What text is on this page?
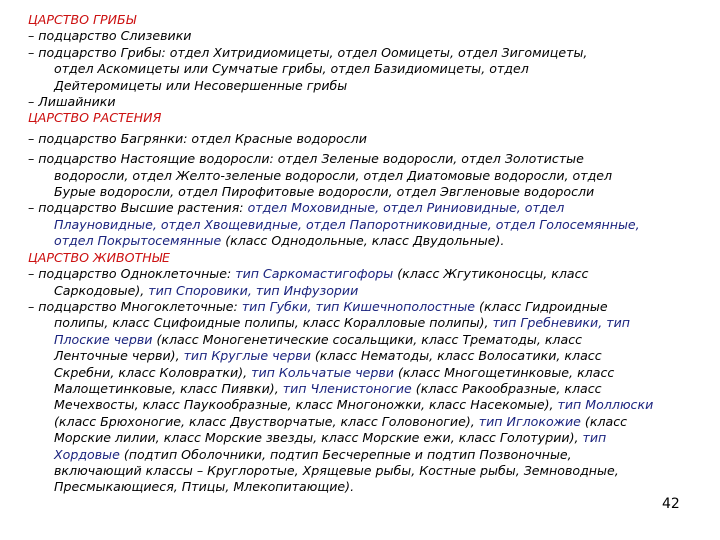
ЦАРСТВО ГРИБЫ
– подцарство Слизевики
– подцарство Грибы: отдел Хитридиомицеты, отдел Оомицеты, отдел Зигомицеты,
отдел Аскомицеты или Сумчатые грибы, отдел Базидиомицеты, отдел
Дейтеромицеты или Несовершенные грибы
– Лишайники
ЦАРСТВО РАСТЕНИЯ
– подцарство Багрянки: отдел Красные водоросли
– подцарство Настоящие водоросли: отдел Зеленые водоросли, отдел Золотистые
водоросли, отдел Желто-зеленые водоросли, отдел Диатомовые водоросли, отдел
Бурые водоросли, отдел Пирофитовые водоросли, отдел Эвгленовые водоросли
– подцарство Высшие растения: отдел Моховидные, отдел Риниовидные, отдел
Плауновидные, отдел Хвощевидные, отдел Папоротниковидные, отдел Голосемянные,
отдел Покрытосемянные (класс Однодольные, класс Двудольные).
ЦАРСТВО ЖИВОТНЫЕ
– подцарство Одноклеточные: тип Саркомастигофоры (класс Жгутиконосцы, класс
Саркодовые), тип Споровики, тип Инфузории
– подцарство Многоклеточные: тип Губки, тип Кишечнополостные (класс Гидроидные
полипы, класс Сцифоидные полипы, класс Коралловые полипы), тип Гребневики, тип
Плоские черви (класс Моногенетические сосальщики, класс Трематоды, класс
Ленточные черви), тип Круглые черви (класс Нематоды, класс Волосатики, класс
Скребни, класс Коловратки), тип Кольчатые черви (класс Многощетинковые, класс
Малощетинковые, класс Пиявки), тип Членистоногие (класс Ракообразные, класс
Мечехвосты, класс Паукообразные, класс Многоножки, класс Насекомые), тип Моллюски
(класс Брюхоногие, класс Двустворчатые, класс Головоногие), тип Иглокожие (класс
Морские лилии, класс Морские звезды, класс Морские ежи, класс Голотурии), тип
Хордовые (подтип Оболочники, подтип Бесчерепные и подтип Позвоночные,
включающий классы – Круглоротые, Хрящевые рыбы, Костные рыбы, Земноводные,
Пресмыкающиеся, Птицы, Млекопитающие).
42
